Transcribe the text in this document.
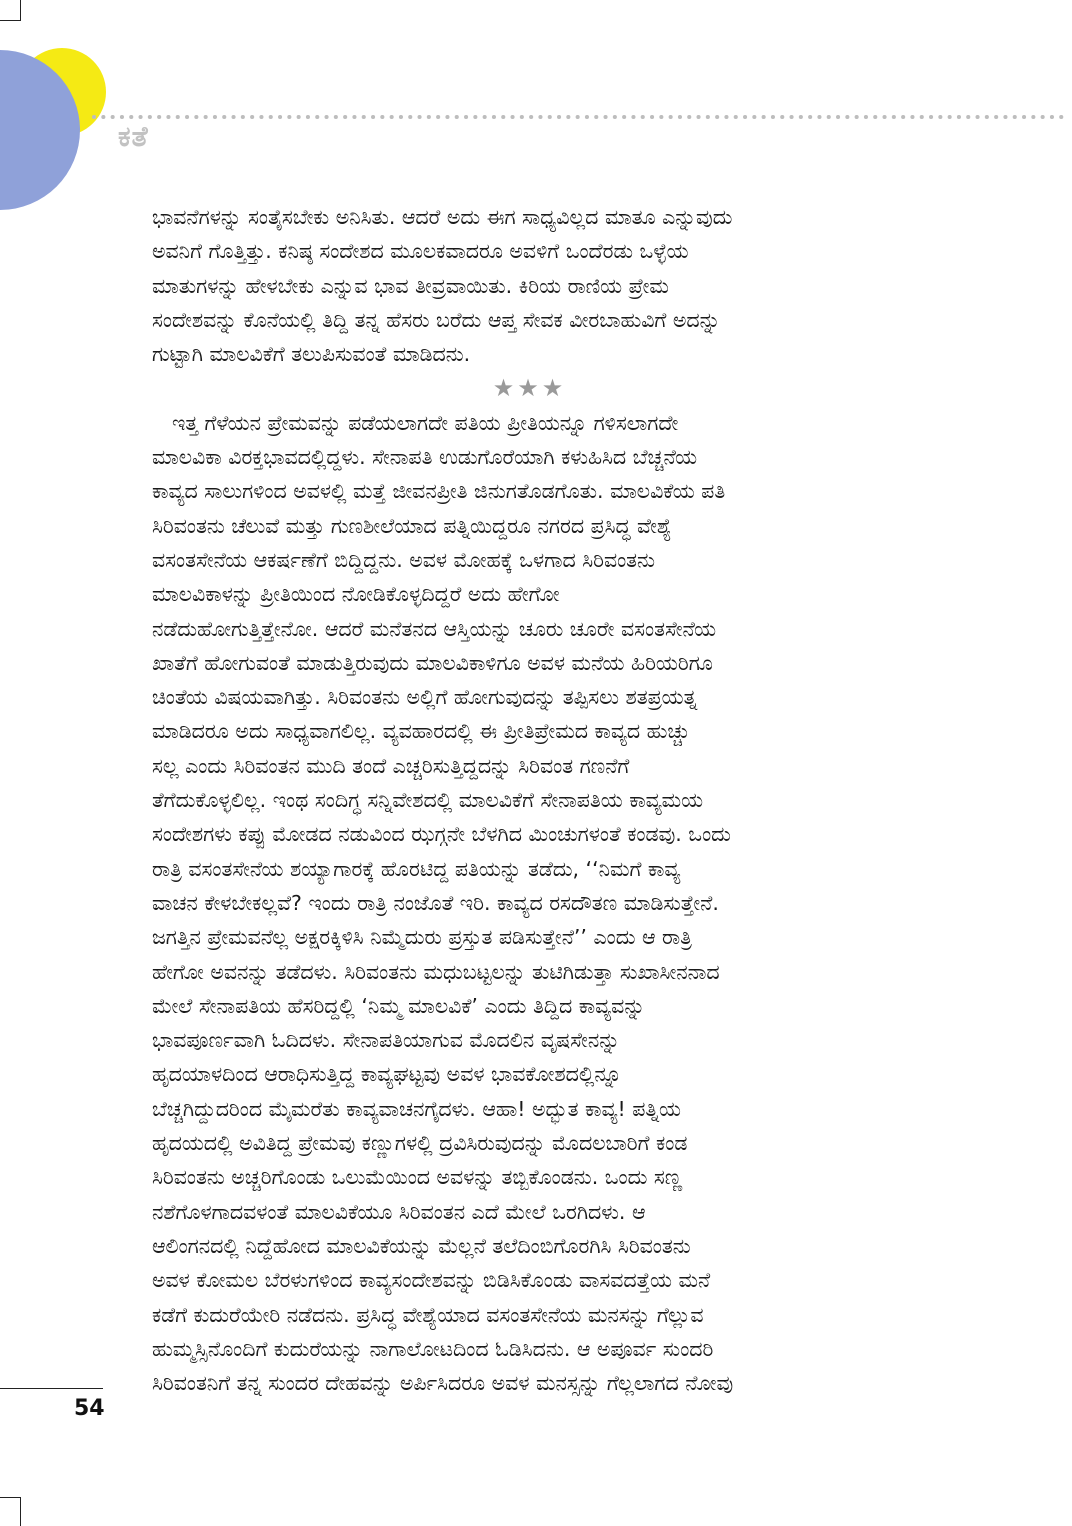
ಕತೆ
ಭಾವನೆಗಳನ್ನು ಸಂತೈಸಬೇಕು ಅನಿಸಿತು. ಆದರೆ ಅದು ಈಗ ಸಾಧ್ಯವಿಲ್ಲದ ಮಾತೂ ಎನ್ನುವುದು
ಅವನಿಗೆ ಗೊತ್ತಿತ್ತು. ಕನಿಷ್ಠ ಸಂದೇಶದ ಮೂಲಕವಾದರೂ ಅವಳಿಗೆ ಒಂದೆರಡು ಒಳ್ಳೆಯ
ಮಾತುಗಳನ್ನು ಹೇಳಬೇಕು ಎನ್ನುವ ಭಾವ ತೀವ್ರವಾಯಿತು. ಕಿರಿಯ ರಾಣಿಯ ಪ್ರೇಮ
ಸಂದೇಶವನ್ನು ಕೊನೆಯಲ್ಲಿ ತಿದ್ದಿ ತನ್ನ ಹೆಸರು ಬರೆದು ಆಪ್ತ ಸೇವಕ ವೀರಬಾಹುವಿಗೆ ಅದನ್ನು
ಗುಟ್ಟಾಗಿ ಮಾಲವಿಕೆಗೆ ತಲುಪಿಸುವಂತೆ ಮಾಡಿದನು.
★★★
ಇತ್ತ ಗೆಳೆಯನ ಪ್ರೇಮವನ್ನು ಪಡೆಯಲಾಗದೇ ಪತಿಯ ಪ್ರೀತಿಯನ್ನೂ ಗಳಿಸಲಾಗದೇ
ಮಾಲವಿಕಾ ವಿರಕ್ತಭಾವದಲ್ಲಿದ್ದಳು. ಸೇನಾಪತಿ ಉಡುಗೊರೆಯಾಗಿ ಕಳುಹಿಸಿದ ಬೆಚ್ಚನೆಯ
ಕಾವ್ಯದ ಸಾಲುಗಳಿಂದ ಅವಳಲ್ಲಿ ಮತ್ತೆ ಜೀವನಪ್ರೀತಿ ಜಿನುಗತೊಡಗೊತು. ಮಾಲವಿಕೆಯ ಪತಿ
ಸಿರಿವಂತನು ಚೆಲುವೆ ಮತ್ತು ಗುಣಶೀಲೆಯಾದ ಪತ್ನಿಯಿದ್ದರೂ ನಗರದ ಪ್ರಸಿದ್ಧ ವೇಶ್ಯೆ
ವಸಂತಸೇನೆಯ ಆಕರ್ಷಣೆಗೆ ಬಿದ್ದಿದ್ದನು. ಅವಳ ಮೋಹಕ್ಕೆ ಒಳಗಾದ ಸಿರಿವಂತನು
ಮಾಲವಿಕಾಳನ್ನು ಪ್ರೀತಿಯಿಂದ ನೋಡಿಕೊಳ್ಳದಿದ್ದರೆ ಅದು ಹೇಗೋ
ನಡೆದುಹೋಗುತ್ತಿತ್ತೇನೋ. ಆದರೆ ಮನೆತನದ ಆಸ್ತಿಯನ್ನು ಚೂರು ಚೂರೇ ವಸಂತಸೇನೆಯ
ಖಾತೆಗೆ ಹೋಗುವಂತೆ ಮಾಡುತ್ತಿರುವುದು ಮಾಲವಿಕಾಳಿಗೂ ಅವಳ ಮನೆಯ ಹಿರಿಯರಿಗೂ
ಚಿಂತೆಯ ವಿಷಯವಾಗಿತ್ತು. ಸಿರಿವಂತನು ಅಲ್ಲಿಗೆ ಹೋಗುವುದನ್ನು ತಪ್ಪಿಸಲು ಶತಪ್ರಯತ್ನ
ಮಾಡಿದರೂ ಅದು ಸಾಧ್ಯವಾಗಲಿಲ್ಲ. ವ್ಯವಹಾರದಲ್ಲಿ ಈ ಪ್ರೀತಿಪ್ರೇಮದ ಕಾವ್ಯದ ಹುಚ್ಚು
ಸಲ್ಲ ಎಂದು ಸಿರಿವಂತನ ಮುದಿ ತಂದೆ ಎಚ್ಚರಿಸುತ್ತಿದ್ದದನ್ನು ಸಿರಿವಂತ ಗಣನೆಗೆ
ತೆಗೆದುಕೊಳ್ಳಲಿಲ್ಲ. ಇಂಥ ಸಂದಿಗ್ಧ ಸನ್ನಿವೇಶದಲ್ಲಿ ಮಾಲವಿಕೆಗೆ ಸೇನಾಪತಿಯ ಕಾವ್ಯಮಯ
ಸಂದೇಶಗಳು ಕಪ್ಪು ಮೋಡದ ನಡುವಿಂದ ಝಗ್ಗನೇ ಬೆಳಗಿದ ಮಿಂಚುಗಳಂತೆ ಕಂಡವು. ಒಂದು
ರಾತ್ರಿ ವಸಂತಸೇನೆಯ ಶಯ್ಯಾಗಾರಕ್ಕೆ ಹೊರಟಿದ್ದ ಪತಿಯನ್ನು ತಡೆದು, ‘‘ನಿಮಗೆ ಕಾವ್ಯ
ವಾಚನ ಕೇಳಬೇಕಲ್ಲವೆ? ಇಂದು ರಾತ್ರಿ ನಂಜೊತೆ ಇರಿ. ಕಾವ್ಯದ ರಸದೌತಣ ಮಾಡಿಸುತ್ತೇನೆ.
ಜಗತ್ತಿನ ಪ್ರೇಮವನೆಲ್ಲ ಅಕ್ಷರಕ್ಕಿಳಿಸಿ ನಿಮ್ಮೆದುರು ಪ್ರಸ್ತುತ ಪಡಿಸುತ್ತೇನೆ’’ ಎಂದು ಆ ರಾತ್ರಿ
ಹೇಗೋ ಅವನನ್ನು ತಡೆದಳು. ಸಿರಿವಂತನು ಮಧುಬಟ್ಟಲನ್ನು ತುಟಿಗಿಡುತ್ತಾ ಸುಖಾಸೀನನಾದ
ಮೇಲೆ ಸೇನಾಪತಿಯ ಹೆಸರಿದ್ದಲ್ಲಿ ‘ನಿಮ್ಮ ಮಾಲವಿಕೆ’ ಎಂದು ತಿದ್ದಿದ ಕಾವ್ಯವನ್ನು
ಭಾವಪೂರ್ಣವಾಗಿ ಓದಿದಳು. ಸೇನಾಪತಿಯಾಗುವ ಮೊದಲಿನ ವೃಷಸೇನನ್ನು
ಹೃದಯಾಳದಿಂದ ಆರಾಧಿಸುತ್ತಿದ್ದ ಕಾವ್ಯಘಟ್ಟವು ಅವಳ ಭಾವಕೋಶದಲ್ಲಿನ್ನೂ
ಬೆಚ್ಚಗಿದ್ದುದರಿಂದ ಮೈಮರೆತು ಕಾವ್ಯವಾಚನಗೈದಳು. ಆಹಾ! ಅದ್ಭುತ ಕಾವ್ಯ! ಪತ್ನಿಯ
ಹೃದಯದಲ್ಲಿ ಅವಿತಿದ್ದ ಪ್ರೇಮವು ಕಣ್ಣುಗಳಲ್ಲಿ ದ್ರವಿಸಿರುವುದನ್ನು ಮೊದಲಬಾರಿಗೆ ಕಂಡ
ಸಿರಿವಂತನು ಅಚ್ಚರಿಗೊಂಡು ಒಲುಮೆಯಿಂದ ಅವಳನ್ನು ತಬ್ಬಿಕೊಂಡನು. ಒಂದು ಸಣ್ಣ
ನಶೆಗೊಳಗಾದವಳಂತೆ ಮಾಲವಿಕೆಯೂ ಸಿರಿವಂತನ ಎದೆ ಮೇಲೆ ಒರಗಿದಳು. ಆ
ಆಲಿಂಗನದಲ್ಲಿ ನಿದ್ದೆಹೋದ ಮಾಲವಿಕೆಯನ್ನು ಮೆಲ್ಲನೆ ತಲೆದಿಂಬಿಗೊರಗಿಸಿ ಸಿರಿವಂತನು
ಅವಳ ಕೋಮಲ ಬೆರಳುಗಳಿಂದ ಕಾವ್ಯಸಂದೇಶವನ್ನು ಬಿಡಿಸಿಕೊಂಡು ವಾಸವದತ್ತೆಯ ಮನೆ
ಕಡೆಗೆ ಕುದುರೆಯೇರಿ ನಡೆದನು. ಪ್ರಸಿದ್ಧ ವೇಶ್ಯೆಯಾದ ವಸಂತಸೇನೆಯ ಮನಸನ್ನು ಗೆಲ್ಲುವ
ಹುಮ್ಮಸ್ಸಿನೊಂದಿಗೆ ಕುದುರೆಯನ್ನು ನಾಗಾಲೋಟದಿಂದ ಓಡಿಸಿದನು. ಆ ಅಪೂರ್ವ ಸುಂದರಿ
ಸಿರಿವಂತನಿಗೆ ತನ್ನ ಸುಂದರ ದೇಹವನ್ನು ಅರ್ಪಿಸಿದರೂ ಅವಳ ಮನಸ್ಸನ್ನು ಗೆಲ್ಲಲಾಗದ ನೋವು
54
